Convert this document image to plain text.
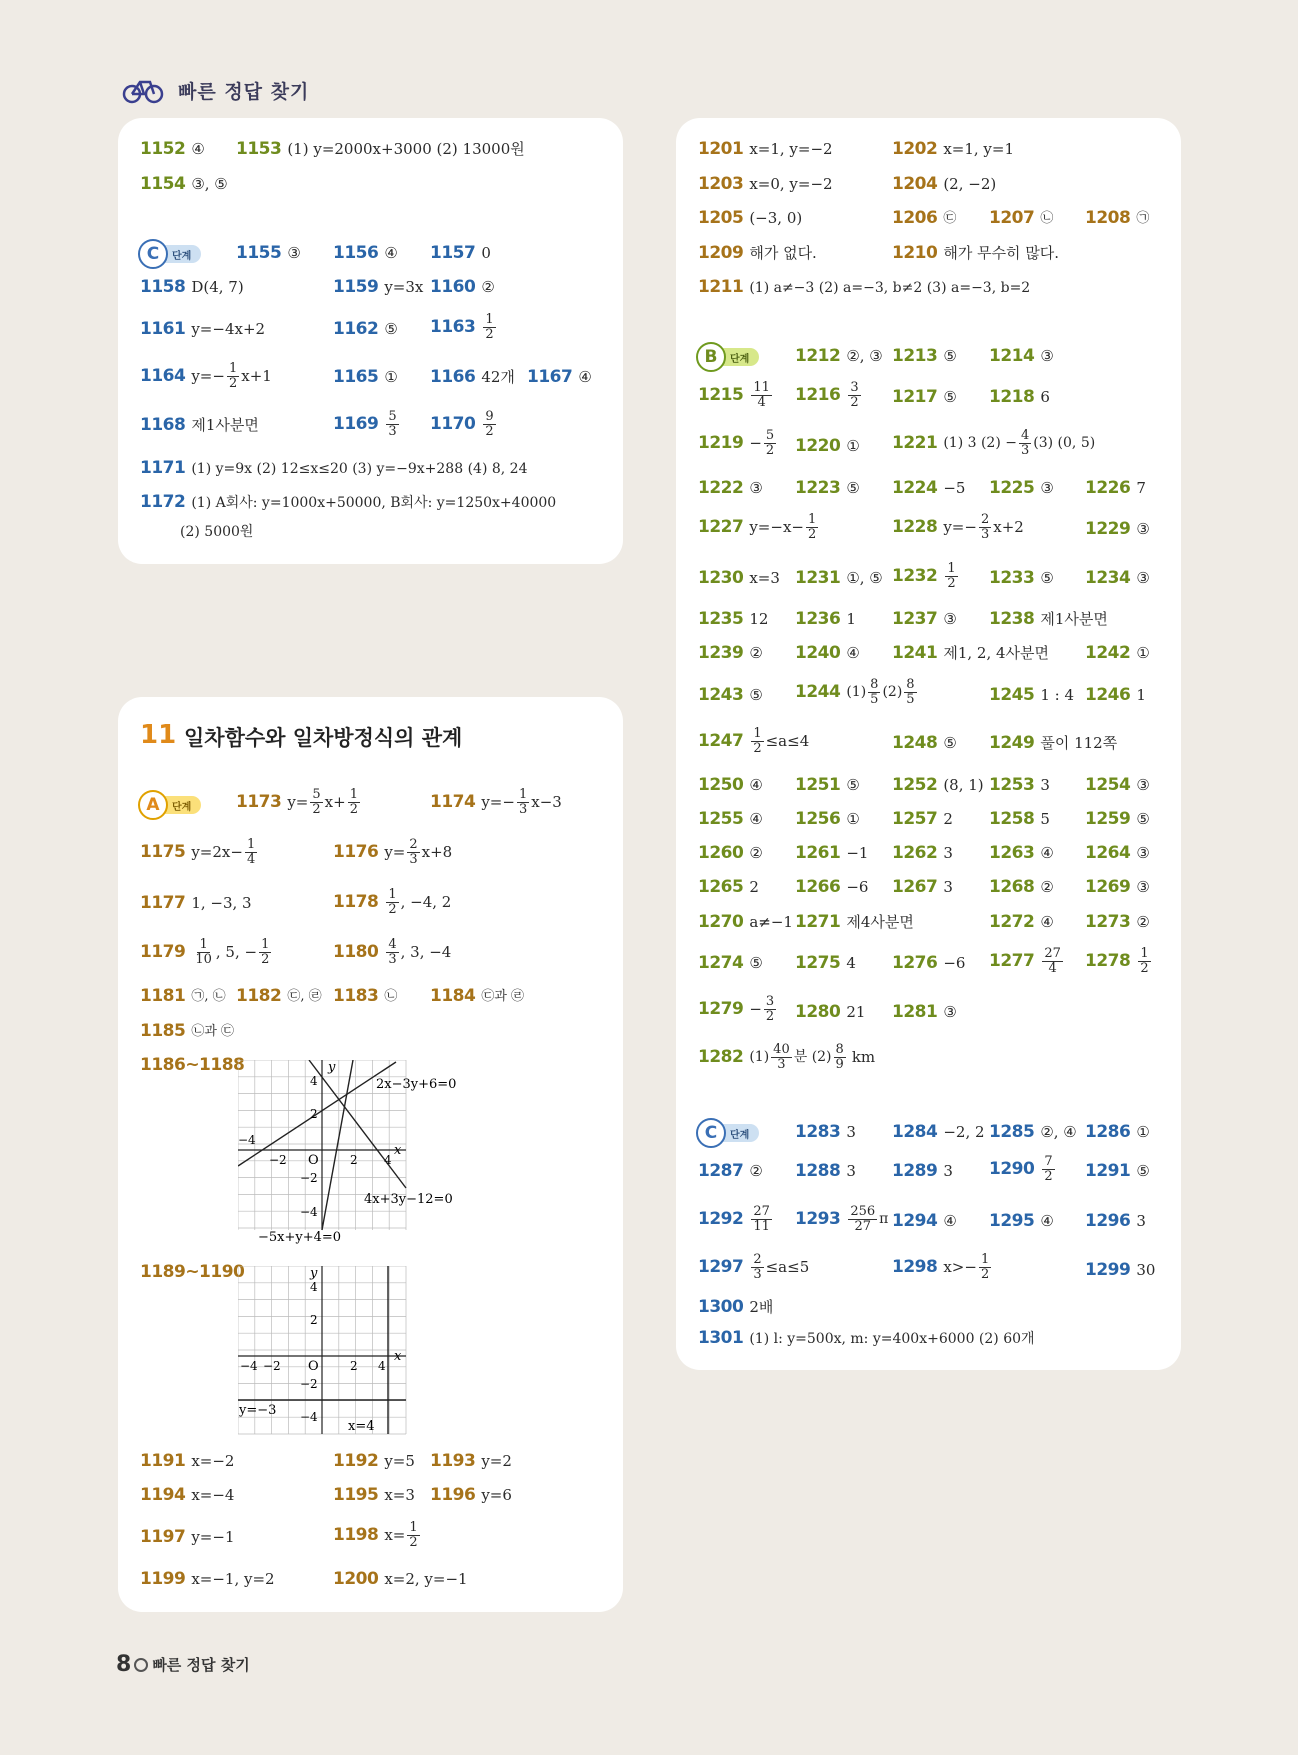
빠른 정답 찾기
1152 ④ 1153 (1) y=2000x+3000 (2) 13000원
1154 ③, ⑤
C	단계	1155 ③ 1156 ④ 1157 0
1158 D(4, 7)	1159 y=3x 1160 ②
1161 y=−4x+2	1162 ⑤ $1163 \frac{1}{2}$
1164 $y=- \frac{1}{2} x+1$	1165 ① 1166 42개 1167 ④
1168 제1사분면	$1169 \frac{5}{3} 1170 \frac{9}{2}$
1171 (1) y=9x (2) 12≤x≤20 (3) y=−9x+288 (4) 8, 24
1172 (1) A회사: y=1000x+50000, B회사: y=1250x+40000
(2) 5000원
11 일차함수와 일차방정식의 관계
A	단계	1173 $y= \frac{5}{2} x+ \frac{1}{2}$	1174 $y=- \frac{1}{3} x-3$
1175 $y=2x- \frac{1}{4}$	1176 $y= \frac{2}{3} x+8$
1177 1, −3, 3	$1178 \frac{1}{2}$ , −4, 2
$1179 \frac{1}{10}$ , 5, − $\frac{1}{2}$	$1180 \frac{4}{3}$ , 3, −4
1181 ㉠, ㉡ 1182 ㉢, ㉣ 1183 ㉡ 1184 ㉢과 ㉣
1185 ㉡과 ㉢
1186~1188	y
x
O
4
2
−2
−4
2 4
−2
−4
2x−3y+6=0
4x+3y−12=0
−5x+y+4=0
1189~1190	y
x
O
4
2
−2
−4
2 4
−2
−4
y=−3
x=4
1191 x=−2	1192 y=5 1193 y=2
1194 x=−4	1195 x=3 1196 y=6
1197 y=−1	1198 $x= \frac{1}{2}$
1199 x=−1, y=2	1200 x=2, y=−1
1201 x=1, y=−2	1202 x=1, y=1
1203 x=0, y=−2	1204 (2, −2)
1205 (−3, 0)	1206 ㉢ 1207 ㉡ 1208 ㉠
1209 해가 없다.	1210 해가 무수히 많다.
1211 (1) a≠−3 (2) a=−3, b≠2 (3) a=−3, b=2
B	단계	1212 ②, ③ 1213 ⑤ 1214 ③
$1215 \frac{11}{4} 1216 \frac{3}{2} 1217$ ⑤ 1218 6
$1219 - \frac{5}{2} 1220$ ① 1221 (1) 3 $(2) - \frac{4}{3} (3)$ (0, 5)
1222 ③ 1223 ⑤ 1224 −5 1225 ③ 1226 7
1227 $y=-x- \frac{1}{2}$	1228 $y=- \frac{2}{3} x+2$	1229 ③
1230 x=3 1231 ①, ⑤ $1232 \frac{1}{2} 1233$ ⑤ 1234 ③
1235 12 1236 1 1237 ③ 1238 제1사분면
1239 ② 1240 ④ 1241 제1, 2, 4사분면 1242 ①
1243 ⑤ 1244 $(1) \frac{8}{5} (2) \frac{8}{5}$	1245 1 : 4 1246 1
$1247 \frac{1}{2} \le a\le 4$	1248 ⑤ 1249 풀이 112쪽
1250 ④ 1251 ⑤ 1252 (8, 1) 1253 3 1254 ③
1255 ④ 1256 ① 1257 2 1258 5 1259 ⑤
1260 ② 1261 −1 1262 3 1263 ④ 1264 ③
1265 2 1266 −6 1267 3 1268 ② 1269 ③
1270 a≠−1 1271 제4사분면	1272 ④ 1273 ②
1274 ⑤ 1275 4 1276 −6 $1277 \frac{27}{4} 1278 \frac{1}{2}$
$1279 - \frac{3}{2} 1280$ 21 1281 ③
1282 $(1) \frac{40}{3}$ 분 $(2) \frac{8}{9}$ km
C	단계	1283 3 1284 −2, 2 1285 ②, ④ 1286 ①
1287 ② 1288 3 1289 3 $1290 \frac{7}{2} 1291$ ⑤
$1292 \frac{27}{11} 1293 \frac{256}{27}$ π 1294 ④ 1295 ④ 1296 3
$1297 \frac{2}{3} \le a\le 5$	1298 $x>- \frac{1}{2}$	1299 30
1300 2배
1301 (1) l: y=500x, m: y=400x+6000 (2) 60개
8 빠른 정답 찾기
